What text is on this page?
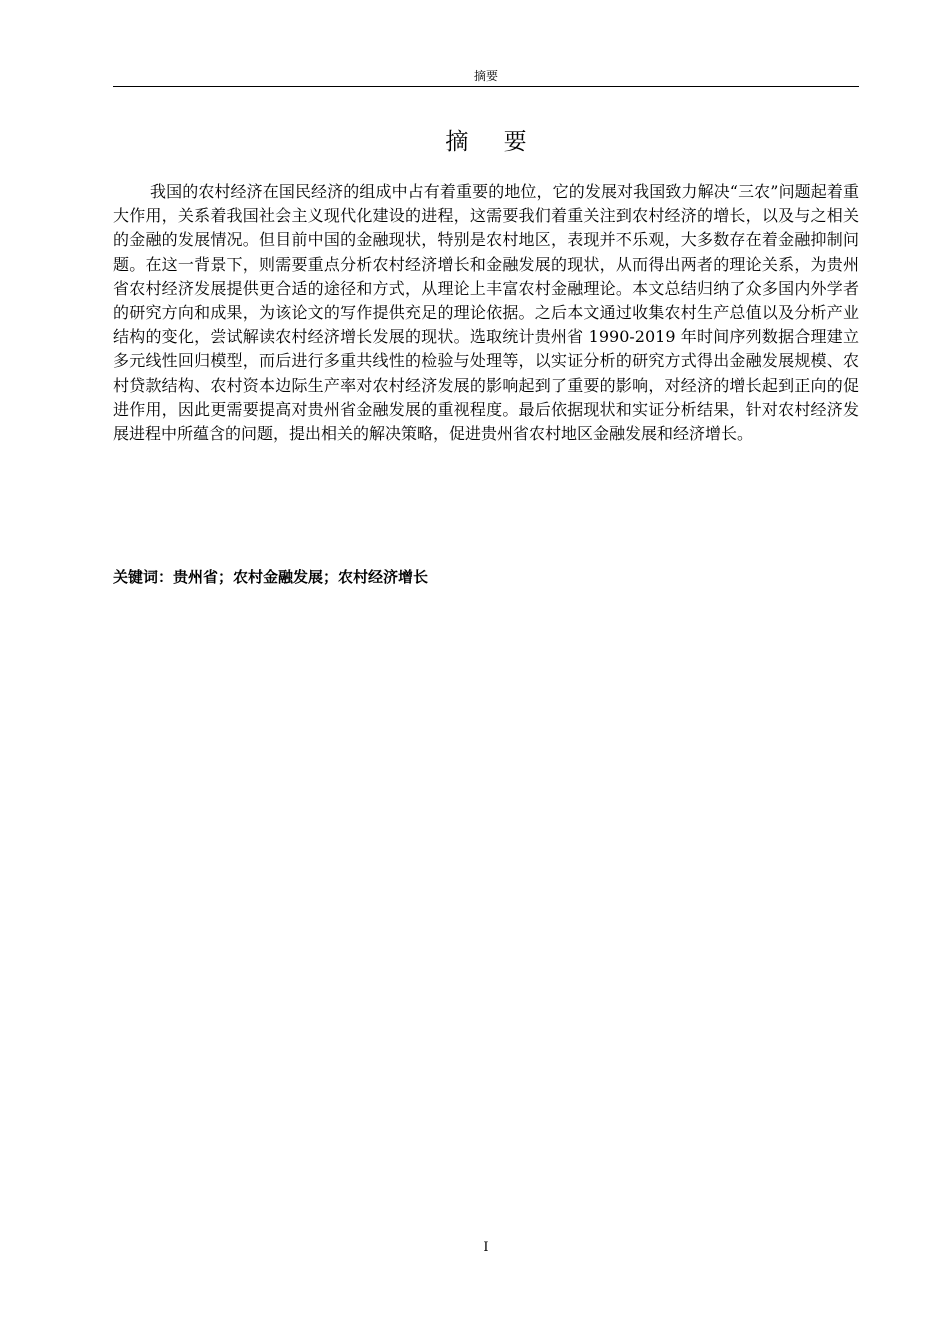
摘要
摘 要

我国的农村经济在国民经济的组成中占有着重要的地位，它的发展对我国致力解决“三农”问题起着重大作用，关系着我国社会主义现代化建设的进程，这需要我们着重关注到农村经济的增长，以及与之相关的金融的发展情况。但目前中国的金融现状，特别是农村地区，表现并不乐观，大多数存在着金融抑制问题。在这一背景下，则需要重点分析农村经济增长和金融发展的现状，从而得出两者的理论关系，为贵州省农村经济发展提供更合适的途径和方式，从理论上丰富农村金融理论。本文总结归纳了众多国内外学者的研究方向和成果，为该论文的写作提供充足的理论依据。之后本文通过收集农村生产总值以及分析产业结构的变化，尝试解读农村经济增长发展的现状。选取统计贵州省 1990-2019 年时间序列数据合理建立多元线性回归模型，而后进行多重共线性的检验与处理等，以实证分析的研究方式得出金融发展规模、农村贷款结构、农村资本边际生产率对农村经济发展的影响起到了重要的影响，对经济的增长起到正向的促进作用，因此更需要提高对贵州省金融发展的重视程度。最后依据现状和实证分析结果，针对农村经济发展进程中所蕴含的问题，提出相关的解决策略，促进贵州省农村地区金融发展和经济增长。

关键词：贵州省；农村金融发展；农村经济增长
I
